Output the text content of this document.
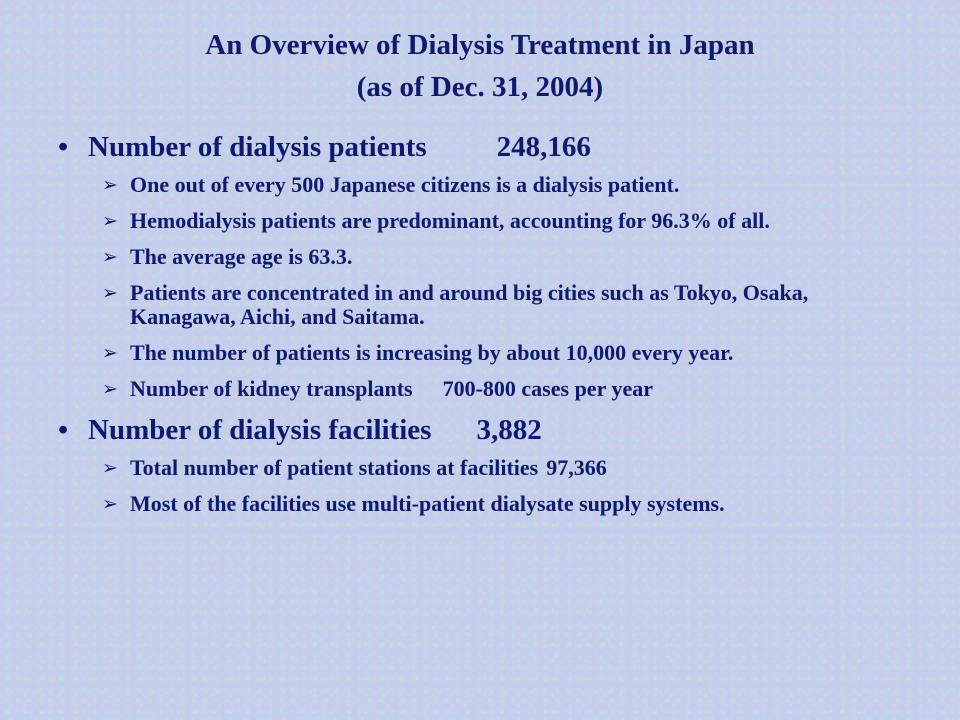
An Overview of Dialysis Treatment in Japan
(as of Dec. 31, 2004)
• Number of dialysis patients 248,166
➢ One out of every 500 Japanese citizens is a dialysis patient.
➢ Hemodialysis patients are predominant, accounting for 96.3% of all.
➢ The average age is 63.3.
➢ Patients are concentrated in and around big cities such as Tokyo, Osaka, Kanagawa, Aichi, and Saitama.
➢ The number of patients is increasing by about 10,000 every year.
➢ Number of kidney transplants 700-800 cases per year
• Number of dialysis facilities 3,882
➢ Total number of patient stations at facilities 97,366
➢ Most of the facilities use multi-patient dialysate supply systems.
